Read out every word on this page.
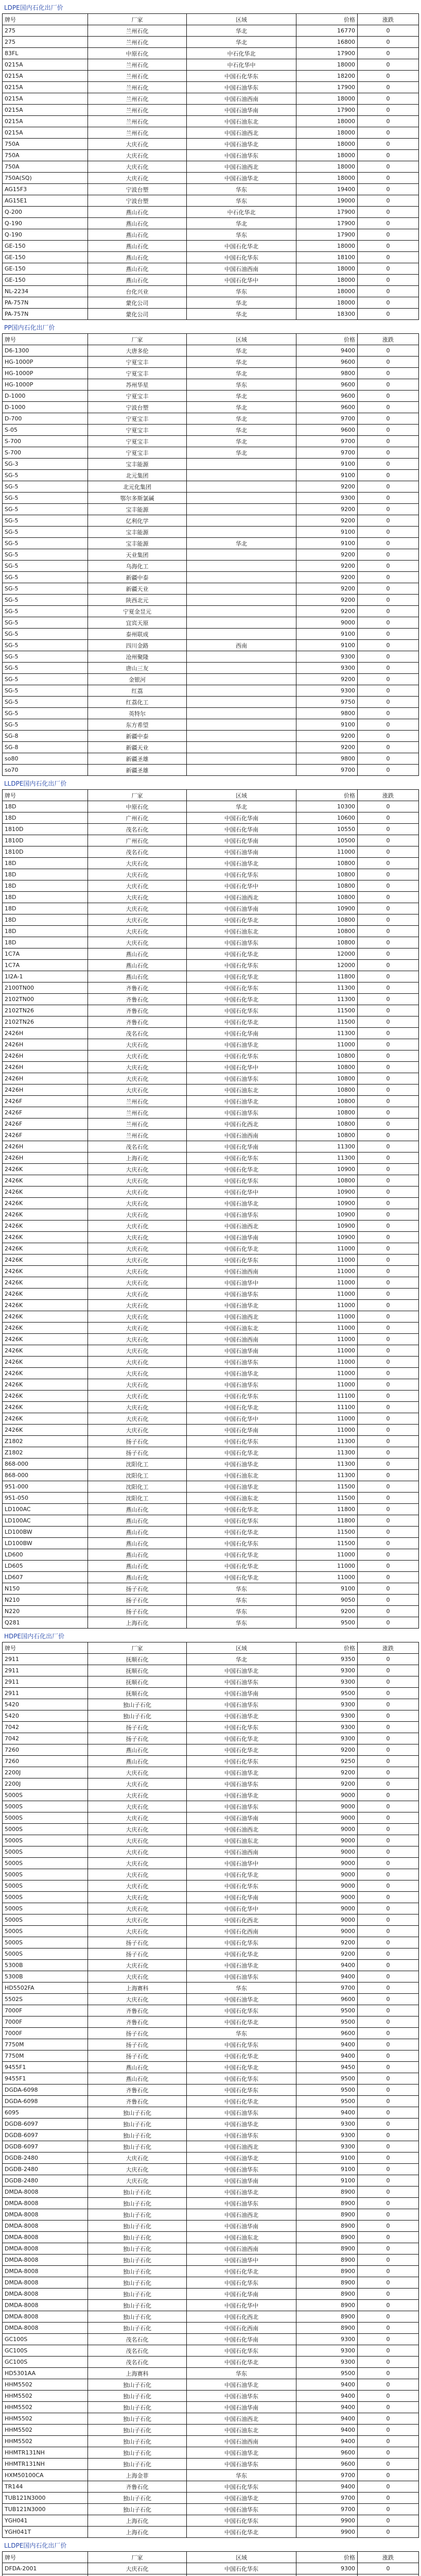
LDPE国内石化出厂价
牌号	厂家	区域	价格	涨跌
275	兰州石化	华北	16770	0
275	兰州石化	华北	16800	0
83FL	中原石化	中石化华北	17900	0
0215A	兰州石化	中石化华中	18000	0
0215A	兰州石化	中国石化华东	18200	0
0215A	兰州石化	中国石油华东	17900	0
0215A	兰州石化	中国石油西南	18000	0
0215A	兰州石化	中国石油华南	17900	0
0215A	兰州石化	中国石油东北	18000	0
0215A	兰州石化	中国石油西北	18000	0
750A	大庆石化	中国石油华北	18000	0
750A	大庆石化	中国石油华东	18000	0
750A	大庆石化	中国石油西北	18000	0
750A(SQ)	大庆石化	中国石油华北	18000	0
AG15F3	宁波台塑	华东	19400	0
AG15E1	宁波台塑	华东	19000	0
Q-200	燕山石化	中石化华北	17900	0
Q-190	燕山石化	华北	17900	0
Q-190	燕山石化	华东	17900	0
GE-150	燕山石化	中国石化华北	18000	0
GE-150	燕山石化	中国石化华东	18100	0
GE-150	燕山石化	中国石油西南	18000	0
GE-150	燕山石化	中国石化华中	18000	0
NL-2234	台化兴业	华东	18000	0
PA-757N	蒙化公司	华北	18000	0
PA-757N	蒙化公司	华北	18300	0
PP国内石化出厂价
牌号	厂家	区域	价格	涨跌
D6-1300	大唐多伦	华北	9400	0
HG-1000P	宁夏宝丰	华北	9600	0
HG-1000P	宁夏宝丰	华北	9800	0
HG-1000P	苏州华星	华东	9600	0
D-1000	宁夏宝丰	华北	9600	0
D-1000	宁波台塑	华北	9600	0
D-700	宁夏宝丰	华北	9700	0
S-05	宁夏宝丰	华北	9600	0
S-700	宁夏宝丰	华北	9700	0
S-700	宁夏宝丰	华北	9700	0
SG-3	宝丰能源		9100	0
SG-5	北元集团		9100	0
SG-5	北元化集团		9200	0
SG-5	鄂尔多斯氯碱		9300	0
SG-5	宝丰能源		9200	0
SG-5	亿利化学		9200	0
SG-5	宝丰能源		9100	0
SG-5	宝丰能源	华北	9100	0
SG-5	天业集团		9200	0
SG-5	乌海化工		9200	0
SG-5	新疆中泰		9200	0
SG-5	新疆天业		9200	0
SG-5	陕西北元		9200	0
SG-5	宁夏金昱元		9200	0
SG-5	宜宾天原		9000	0
SG-5	泰州联成		9100	0
SG-5	四川金路	西南	9100	0
SG-5	沧州聚隆		9300	0
SG-5	唐山三友		9300	0
SG-5	金银河		9200	0
SG-5	红荔		9300	0
SG-5	红荔化工		9750	0
SG-5	英特尔		9800	0
SG-5	东方希望		9100	0
SG-8	新疆中泰		9200	0
SG-8	新疆天业		9200	0
so80	新疆圣雄		9800	0
so70	新疆圣雄		9700	0
LLDPE国内石化出厂价
牌号	厂家	区域	价格	涨跌
18D	中原石化	华北	10300	0
18D	广州石化	中国石化华南	10600	0
1810D	茂名石化	中国石化华南	10550	0
1810D	广州石化	中国石化华南	10500	0
1810D	茂名石化	中国石油华南	11000	0
18D	大庆石化	中国石油华北	10800	0
18D	大庆石化	中国石化华东	10800	0
18D	大庆石化	中国石化华中	10800	0
18D	大庆石化	中国石油西北	10800	0
18D	大庆石化	中国石油华南	10900	0
18D	大庆石化	中国石化华北	10800	0
18D	大庆石化	中国石油东北	10800	0
18D	大庆石化	中国石油华东	10800	0
1C7A	燕山石化	中国石化华北	12000	0
1C7A	燕山石化	中国石化华东	12000	0
1I2A-1	燕山石化	中国石化华北	11800	0
2100TN00	齐鲁石化	中国石化华东	11300	0
2102TN00	齐鲁石化	中国石化华北	11300	0
2102TN26	齐鲁石化	中国石化华东	11500	0
2102TN26	齐鲁石化	中国石化华北	11500	0
2426H	茂名石化	中国石化华南	11300	0
2426H	大庆石化	中国石油华北	11000	0
2426H	大庆石化	中国石化华东	10800	0
2426H	大庆石化	中国石化华中	10800	0
2426H	大庆石化	中国石油华东	10800	0
2426H	大庆石化	中国石油东北	10800	0
2426F	兰州石化	中国石油华北	10800	0
2426F	兰州石化	中国石油华东	10800	0
2426F	兰州石化	中国石化西北	10800	0
2426F	兰州石化	中国石油西南	10800	0
2426H	茂名石化	中国石化华南	11300	0
2426H	上海石化	中国石化华东	11300	0
2426K	大庆石化	中国石化华北	10900	0
2426K	大庆石化	中国石化华东	10800	0
2426K	大庆石化	中国石化华中	10900	0
2426K	大庆石化	中国石油华北	10900	0
2426K	大庆石化	中国石油华东	10900	0
2426K	大庆石化	中国石油西北	10900	0
2426K	大庆石化	中国石油华南	10900	0
2426K	大庆石化	中国石化华北	11000	0
2426K	大庆石化	中国石化华东	11000	0
2426K	大庆石化	中国石油西南	11000	0
2426K	大庆石化	中国石油华中	11000	0
2426K	大庆石化	中国石油华东	11000	0
2426K	大庆石化	中国石油华北	11000	0
2426K	大庆石化	中国石油西北	11000	0
2426K	大庆石化	中国石油东北	11000	0
2426K	大庆石化	中国石油西南	11000	0
2426K	大庆石化	中国石油华南	11000	0
2426K	大庆石化	中国石油华东	11000	0
2426K	大庆石化	中国石油华北	11000	0
2426K	大庆石化	中国石油华东	11000	0
2426K	大庆石化	中国石化华东	11100	0
2426K	大庆石化	中国石化华北	11100	0
2426K	大庆石化	中国石化华中	11000	0
2426K	大庆石化	中国石化华南	11000	0
Z1802	扬子石化	中国石化华东	11300	0
Z1802	扬子石化	中国石化华北	11300	0
868-000	沈阳化工	中国石油华北	11300	0
868-000	沈阳化工	中国石油东北	11300	0
951-000	沈阳化工	中国石油华北	11500	0
951-050	沈阳化工	中国石油东北	11500	0
LD100AC	燕山石化	中国石化华北	11800	0
LD100AC	燕山石化	中国石化华东	11800	0
LD100BW	燕山石化	中国石化华北	11500	0
LD100BW	燕山石化	中国石化华东	11500	0
LD600	燕山石化	中国石化华北	11000	0
LD605	燕山石化	中国石化华北	11000	0
LD607	燕山石化	中国石化华北	11000	0
N150	扬子石化	华东	9100	0
N210	扬子石化	华东	9050	0
N220	扬子石化	华东	9200	0
Q281	上海石化	华东	9500	0
HDPE国内石化出厂价
牌号	厂家	区域	价格	涨跌
2911	抚顺石化	华北	9350	0
2911	抚顺石化	中国石油华北	9300	0
2911	抚顺石化	中国石油华东	9300	0
2911	抚顺石化	中国石油华南	9500	0
5420	独山子石化	中国石油华东	9300	0
5420	独山子石化	中国石油华北	9300	0
7042	扬子石化	中国石化华东	9300	0
7042	扬子石化	中国石化华北	9300	0
7260	燕山石化	中国石化华北	9200	0
7260	燕山石化	中国石化华东	9250	0
2200J	大庆石化	中国石油华北	9200	0
2200J	大庆石化	中国石油华东	9200	0
5000S	大庆石化	中国石油华北	9000	0
5000S	大庆石化	中国石油华东	9000	0
5000S	大庆石化	中国石油华南	9000	0
5000S	大庆石化	中国石油西北	9000	0
5000S	大庆石化	中国石油东北	9000	0
5000S	大庆石化	中国石油西南	9000	0
5000S	大庆石化	中国石油华中	9000	0
5000S	大庆石化	中国石化华北	9000	0
5000S	大庆石化	中国石化华东	9000	0
5000S	大庆石化	中国石化华南	9000	0
5000S	大庆石化	中国石化华中	9000	0
5000S	大庆石化	中国石化西北	9000	0
5000S	大庆石化	中国石化西南	9000	0
5000S	扬子石化	中国石化华东	9200	0
5000S	扬子石化	中国石化华北	9200	0
5300B	大庆石化	中国石油华北	9400	0
5300B	大庆石化	中国石油华东	9400	0
HD5502FA	上海赛科	华东	9700	0
5502S	大庆石化	中国石油华北	9600	0
7000F	齐鲁石化	中国石化华东	9500	0
7000F	齐鲁石化	中国石化华北	9500	0
7000F	扬子石化	华东	9600	0
7750M	扬子石化	中国石化华东	9400	0
7750M	扬子石化	中国石化华北	9400	0
9455F1	燕山石化	中国石化华北	9450	0
9455F1	燕山石化	中国石化华东	9500	0
DGDA-6098	齐鲁石化	中国石化华东	9500	0
DGDA-6098	齐鲁石化	中国石化华北	9500	0
6095	独山子石化	中国石油华东	9400	0
DGDB-6097	独山子石化	中国石油华北	9300	0
DGDB-6097	独山子石化	中国石油华东	9300	0
DGDB-6097	独山子石化	中国石油西北	9300	0
DGDB-2480	大庆石化	中国石油华北	9100	0
DGDB-2480	大庆石化	中国石油华东	9100	0
DGDB-2480	大庆石化	中国石油华南	9100	0
DMDA-8008	独山子石化	中国石油华北	8900	0
DMDA-8008	独山子石化	中国石油华东	8900	0
DMDA-8008	独山子石化	中国石油西北	8900	0
DMDA-8008	独山子石化	中国石油华南	8900	0
DMDA-8008	独山子石化	中国石油东北	8900	0
DMDA-8008	独山子石化	中国石油西南	8900	0
DMDA-8008	独山子石化	中国石油华中	8900	0
DMDA-8008	独山子石化	中国石化华北	8900	0
DMDA-8008	独山子石化	中国石化华东	8900	0
DMDA-8008	独山子石化	中国石化华南	8900	0
DMDA-8008	独山子石化	中国石化华中	8900	0
DMDA-8008	独山子石化	中国石化西北	8900	0
DMDA-8008	独山子石化	中国石化西南	8900	0
GC100S	茂名石化	中国石化华南	9300	0
GC100S	茂名石化	中国石化华东	9300	0
GC100S	茂名石化	中国石化华北	9300	0
HD5301AA	上海赛科	华东	9500	0
HHM5502	独山子石化	中国石油华北	9400	0
HHM5502	独山子石化	中国石油华东	9400	0
HHM5502	独山子石化	中国石油华南	9400	0
HHM5502	独山子石化	中国石油西北	9400	0
HHM5502	独山子石化	中国石油东北	9400	0
HHM5502	独山子石化	中国石油西南	9400	0
HHMTR131NH	独山子石化	中国石油华北	9600	0
HHMTR131NH	独山子石化	中国石油华东	9600	0
HXM50100CA	上海金菲	华东	9700	0
TR144	齐鲁石化	中国石化华东	9400	0
TUB121N3000	独山子石化	中国石油华北	9700	0
TUB121N3000	独山子石化	中国石油华东	9700	0
YGH041	上海石化	中国石化华东	9900	0
YGH041T	上海石化	中国石化华北	9900	0
LLDPE国内石化出厂价
牌号	厂家	区域	价格	涨跌
DFDA-2001	大庆石化	中国石化华东	9300	0
